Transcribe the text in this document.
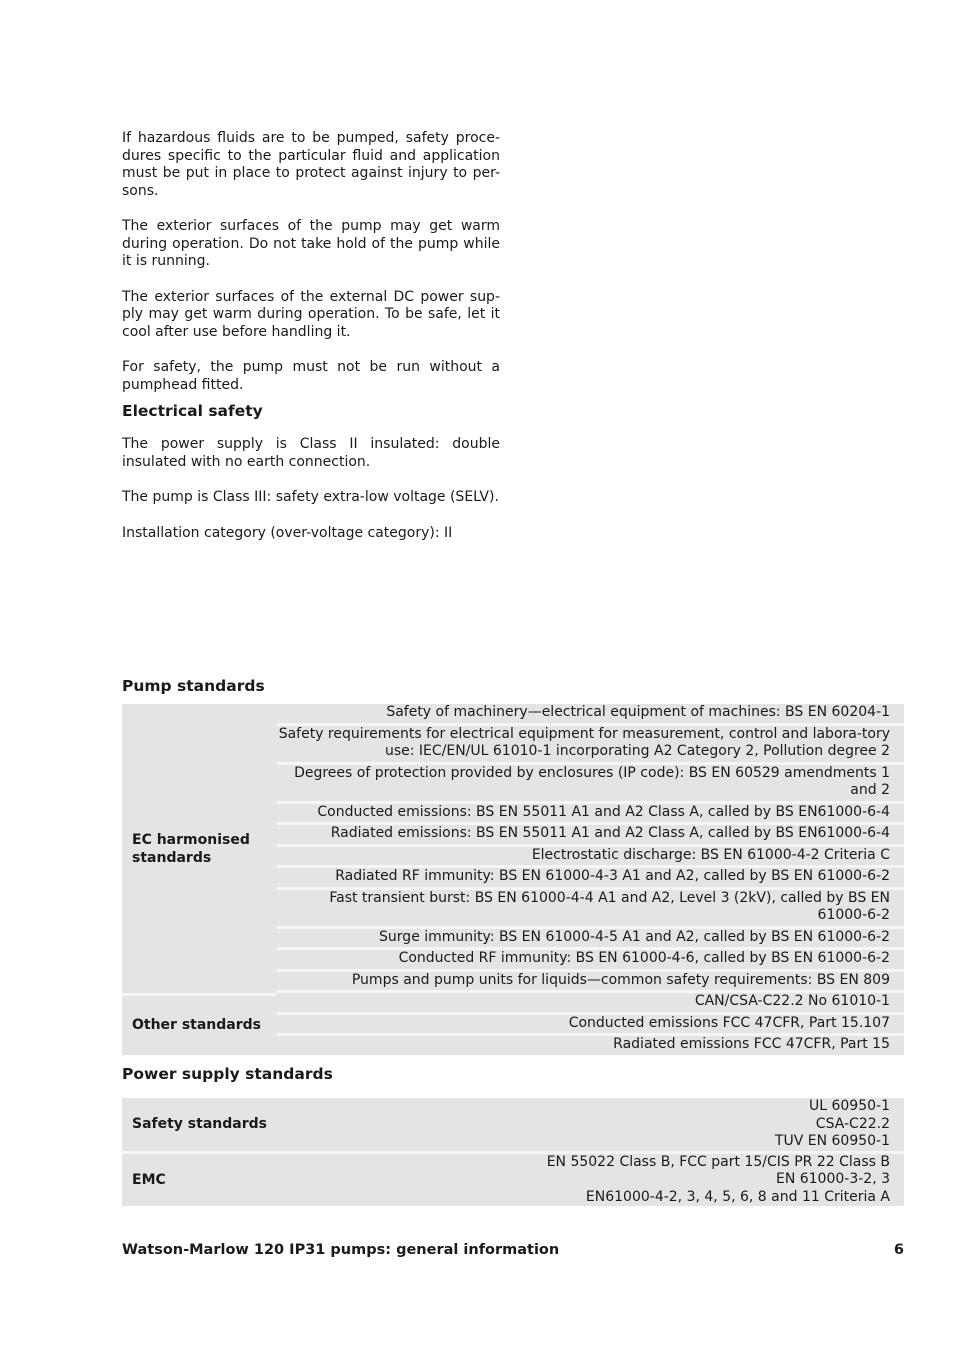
If hazardous fluids are to be pumped, safety proce-dures specific to the particular fluid and application must be put in place to protect against injury to per-sons.

The exterior surfaces of the pump may get warm during operation. Do not take hold of the pump while it is running.

The exterior surfaces of the external DC power sup-ply may get warm during operation. To be safe, let it cool after use before handling it.

For safety, the pump must not be run without a pumphead fitted.

Electrical safety

The power supply is Class II insulated: double insulated with no earth connection.

The pump is Class III: safety extra-low voltage (SELV).

Installation category (over-voltage category): II

Pump standards
EC harmonised standards	Safety of machinery—electrical equipment of machines: BS EN 60204-1
	Safety requirements for electrical equipment for measurement, control and labora-tory use: IEC/EN/UL 61010-1 incorporating A2 Category 2, Pollution degree 2
	Degrees of protection provided by enclosures (IP code): BS EN 60529 amendments 1 and 2
	Conducted emissions: BS EN 55011 A1 and A2 Class A, called by BS EN61000-6-4
	Radiated emissions: BS EN 55011 A1 and A2 Class A, called by BS EN61000-6-4
	Electrostatic discharge: BS EN 61000-4-2 Criteria C
	Radiated RF immunity: BS EN 61000-4-3 A1 and A2, called by BS EN 61000-6-2
	Fast transient burst: BS EN 61000-4-4 A1 and A2, Level 3 (2kV), called by BS EN 61000-6-2
	Surge immunity: BS EN 61000-4-5 A1 and A2, called by BS EN 61000-6-2
	Conducted RF immunity: BS EN 61000-4-6, called by BS EN 61000-6-2
	Pumps and pump units for liquids—common safety requirements: BS EN 809
Other standards	CAN/CSA-C22.2 No 61010-1
	Conducted emissions FCC 47CFR, Part 15.107
	Radiated emissions FCC 47CFR, Part 15
Power supply standards
Safety standards	UL 60950-1
CSA-C22.2
TUV EN 60950-1

EMC	EN 55022 Class B, FCC part 15/CIS PR 22 Class B
EN 61000-3-2, 3
EN61000-4-2, 3, 4, 5, 6, 8 and 11 Criteria A
Watson-Marlow 120 IP31 pumps: general information	6
